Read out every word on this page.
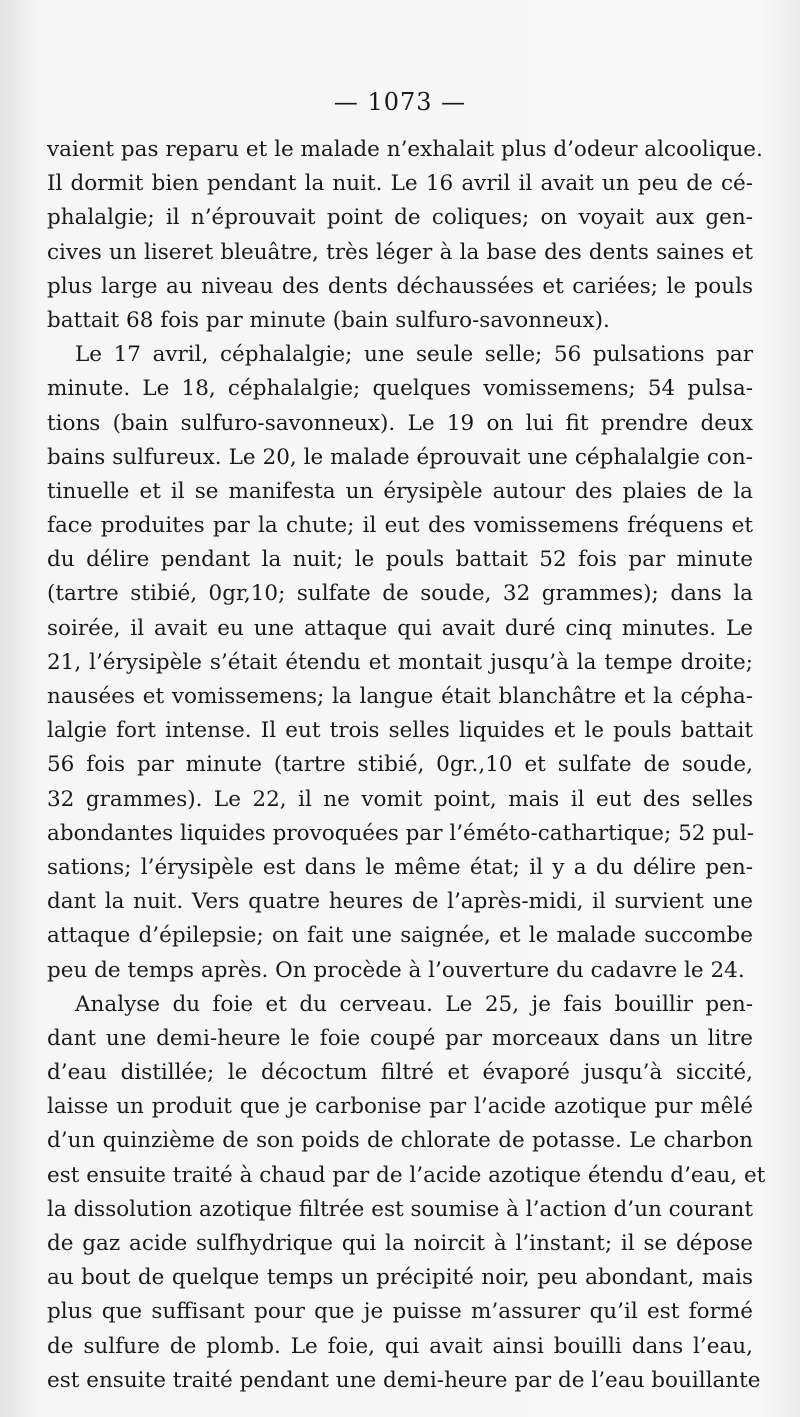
— 1073 —
vaient pas reparu et le malade n’exhalait plus d’odeur alcoolique.
Il dormit bien pendant la nuit. Le 16 avril il avait un peu de cé-
phalalgie; il n’éprouvait point de coliques; on voyait aux gen-
cives un liseret bleuâtre, très léger à la base des dents saines et
plus large au niveau des dents déchaussées et cariées; le pouls
battait 68 fois par minute (bain sulfuro-savonneux).
Le 17 avril, céphalalgie; une seule selle; 56 pulsations par
minute. Le 18, céphalalgie; quelques vomissemens; 54 pulsa-
tions (bain sulfuro-savonneux). Le 19 on lui fit prendre deux
bains sulfureux. Le 20, le malade éprouvait une céphalalgie con-
tinuelle et il se manifesta un érysipèle autour des plaies de la
face produites par la chute; il eut des vomissemens fréquens et
du délire pendant la nuit; le pouls battait 52 fois par minute
(tartre stibié, 0gr,10; sulfate de soude, 32 grammes); dans la
soirée, il avait eu une attaque qui avait duré cinq minutes. Le
21, l’érysipèle s’était étendu et montait jusqu’à la tempe droite;
nausées et vomissemens; la langue était blanchâtre et la cépha-
lalgie fort intense. Il eut trois selles liquides et le pouls battait
56 fois par minute (tartre stibié, 0gr.,10 et sulfate de soude,
32 grammes). Le 22, il ne vomit point, mais il eut des selles
abondantes liquides provoquées par l’éméto-cathartique; 52 pul-
sations; l’érysipèle est dans le même état; il y a du délire pen-
dant la nuit. Vers quatre heures de l’après-midi, il survient une
attaque d’épilepsie; on fait une saignée, et le malade succombe
peu de temps après. On procède à l’ouverture du cadavre le 24.
Analyse du foie et du cerveau. Le 25, je fais bouillir pen-
dant une demi-heure le foie coupé par morceaux dans un litre
d’eau distillée; le décoctum filtré et évaporé jusqu’à siccité,
laisse un produit que je carbonise par l’acide azotique pur mêlé
d’un quinzième de son poids de chlorate de potasse. Le charbon
est ensuite traité à chaud par de l’acide azotique étendu d’eau, et
la dissolution azotique filtrée est soumise à l’action d’un courant
de gaz acide sulfhydrique qui la noircit à l’instant; il se dépose
au bout de quelque temps un précipité noir, peu abondant, mais
plus que suffisant pour que je puisse m’assurer qu’il est formé
de sulfure de plomb. Le foie, qui avait ainsi bouilli dans l’eau,
est ensuite traité pendant une demi-heure par de l’eau bouillante
